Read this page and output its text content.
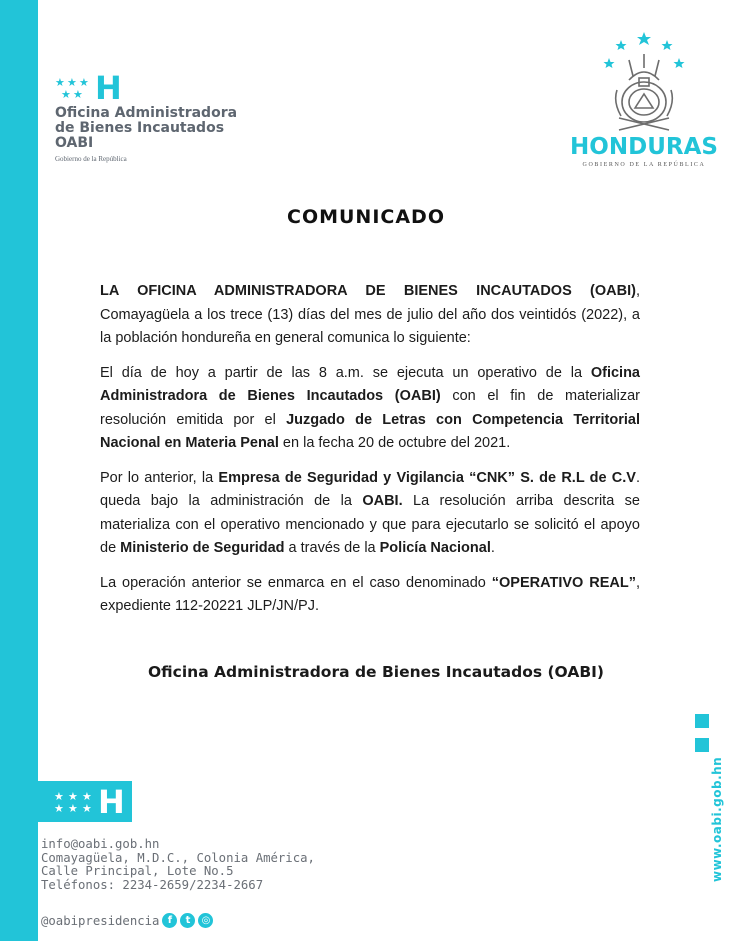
★ ★ ★
★ ★ H
Oficina Administradora
de Bienes Incautados
OABI
Gobierno de la República	HONDURAS
GOBIERNO DE LA REPÚBLICA
COMUNICADO

LA OFICINA ADMINISTRADORA DE BIENES INCAUTADOS (OABI), Comayagüela a los trece (13) días del mes de julio del año dos veintidós (2022), a la población hondureña en general comunica lo siguiente:

El día de hoy a partir de las 8 a.m. se ejecuta un operativo de la Oficina Administradora de Bienes Incautados (OABI) con el fin de materializar resolución emitida por el Juzgado de Letras con Competencia Territorial Nacional en Materia Penal en la fecha 20 de octubre del 2021.

Por lo anterior, la Empresa de Seguridad y Vigilancia “CNK” S. de R.L de C.V. queda bajo la administración de la OABI. La resolución arriba descrita se materializa con el operativo mencionado y que para ejecutarlo se solicitó el apoyo de Ministerio de Seguridad a través de la Policía Nacional.

La operación anterior se enmarca en el caso denominado “OPERATIVO REAL”, expediente 112-20221 JLP/JN/PJ.

Oficina Administradora de Bienes Incautados (OABI)
★ ★ ★
★ ★ ★ H
info@oabi.gob.hn
Comayagüela, M.D.C., Colonia América,
Calle Principal, Lote No.5
Teléfonos: 2234-2659/2234-2667
@oabipresidencia f	t	◎
www.oabi.gob.hn
